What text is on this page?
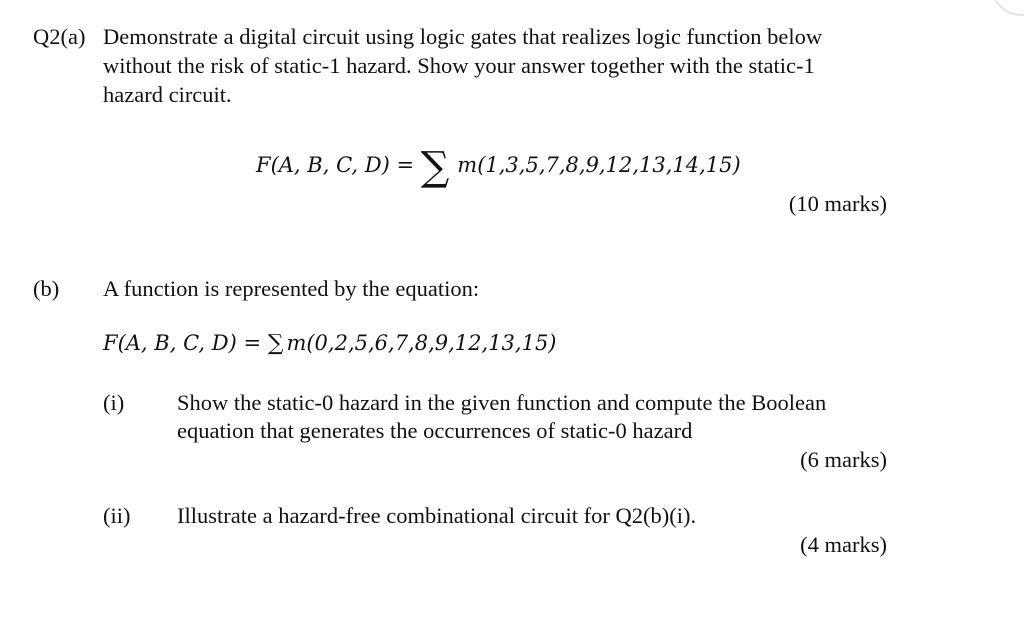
Q2(a) Demonstrate a digital circuit using logic gates that realizes logic function below
without the risk of static-1 hazard. Show your answer together with the static-1
hazard circuit.
F(A, B, C, D) = ∑ m(1,3,5,7,8,9,12,13,14,15)
(10 marks)
(b) A function is represented by the equation:
F(A, B, C, D) = ∑ m(0,2,5,6,7,8,9,12,13,15)
(i) Show the static-0 hazard in the given function and compute the Boolean
equation that generates the occurrences of static-0 hazard
(6 marks)
(ii) Illustrate a hazard-free combinational circuit for Q2(b)(i).
(4 marks)
